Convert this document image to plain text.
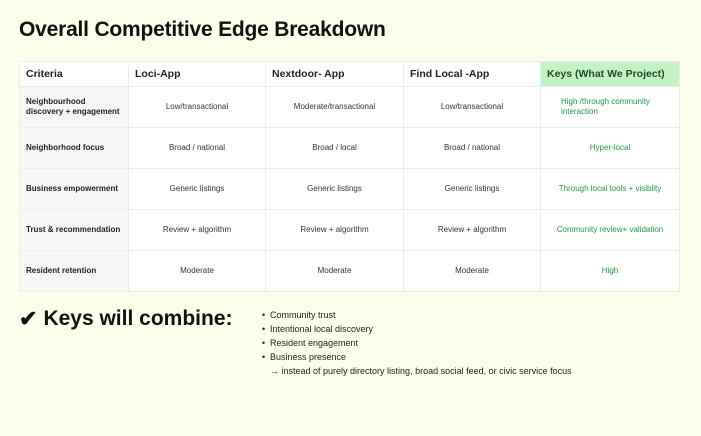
Overall Competitive Edge Breakdown
Criteria	Loci-App	Nextdoor- App	Find Local -App	Keys (What We Project)
Neighbourhood discovery + engagement	Low/transactional	Moderate/transactional	Low/transactional	High /through community interaction
Neighborhood focus	Broad / national	Broad / local	Broad / national	Hyper-local
Business empowerment	Generic listings	Generic listings	Generic listings	Through local tools + visiblity
Trust & recommendation	Review + algorithm	Review + algorithm	Review + algorithm	Community review+ validation
Resident retention	Moderate	Moderate	Moderate	High
✔ Keys will combine:	• Community trust
• Intentional local discovery
• Resident engagement
• Business presence
→ instead of purely directory listing, broad social feed, or civic service focus
